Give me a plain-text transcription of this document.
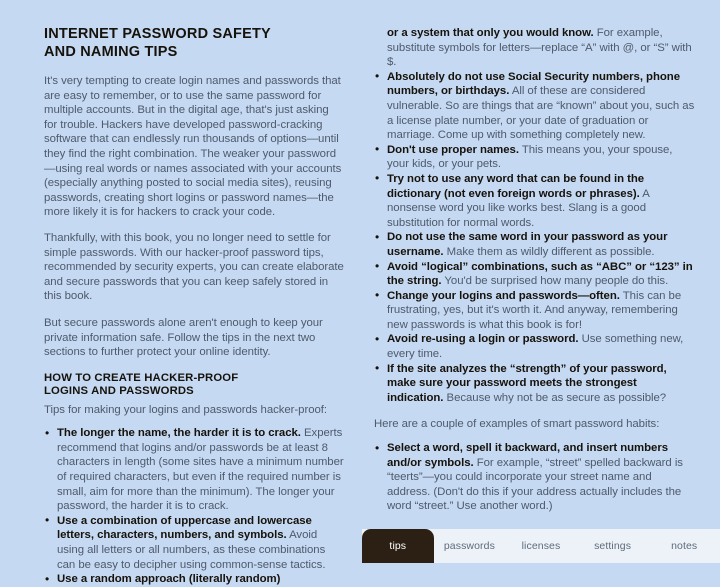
INTERNET PASSWORD SAFETY
AND NAMING TIPS

It's very tempting to create login names and passwords that are easy to remember, or to use the same password for multiple accounts. But in the digital age, that's just asking for trouble. Hackers have developed password-cracking software that can endlessly run thousands of options—until they find the right combination. The weaker your password—using real words or names associated with your accounts (especially anything posted to social media sites), reusing passwords, creating short logins or password names—the more likely it is for hackers to crack your code.

Thankfully, with this book, you no longer need to settle for simple passwords. With our hacker-proof password tips, recommended by security experts, you can create elaborate and secure passwords that you can keep safely stored in this book.

But secure passwords alone aren't enough to keep your private information safe. Follow the tips in the next two sections to further protect your online identity.

HOW TO CREATE HACKER-PROOF
LOGINS AND PASSWORDS

Tips for making your logins and passwords hacker-proof:

• The longer the name, the harder it is to crack. Experts recommend that logins and/or passwords be at least 8 characters in length (some sites have a minimum number of required characters, but even if the required number is small, aim for more than the minimum). The longer your password, the harder it is to crack.
• Use a combination of uppercase and lowercase letters, characters, numbers, and symbols. Avoid using all letters or all numbers, as these combinations can be easy to decipher using common-sense tactics.
• Use a random approach (literally random)
or a system that only you would know. For example, substitute symbols for letters—replace “A” with @, or “S” with $.
• Absolutely do not use Social Security numbers, phone numbers, or birthdays. All of these are considered vulnerable. So are things that are “known” about you, such as a license plate number, or your date of graduation or marriage. Come up with something completely new.
• Don't use proper names. This means you, your spouse, your kids, or your pets.
• Try not to use any word that can be found in the dictionary (not even foreign words or phrases). A nonsense word you like works best. Slang is a good substitution for normal words.
• Do not use the same word in your password as your username. Make them as wildly different as possible.
• Avoid “logical” combinations, such as “ABC” or “123” in the string. You'd be surprised how many people do this.
• Change your logins and passwords—often. This can be frustrating, yes, but it's worth it. And anyway, remembering new passwords is what this book is for!
• Avoid re-using a login or password. Use something new, every time.
• If the site analyzes the “strength” of your password, make sure your password meets the strongest indication. Because why not be as secure as possible?

Here are a couple of examples of smart password habits:

• Select a word, spell it backward, and insert numbers and/or symbols. For example, “street” spelled backward is “teerts”—you could incorporate your street name and address. (Don't do this if your address actually includes the word “street.” Use another word.)
tips	passwords	licenses	settings	notes
